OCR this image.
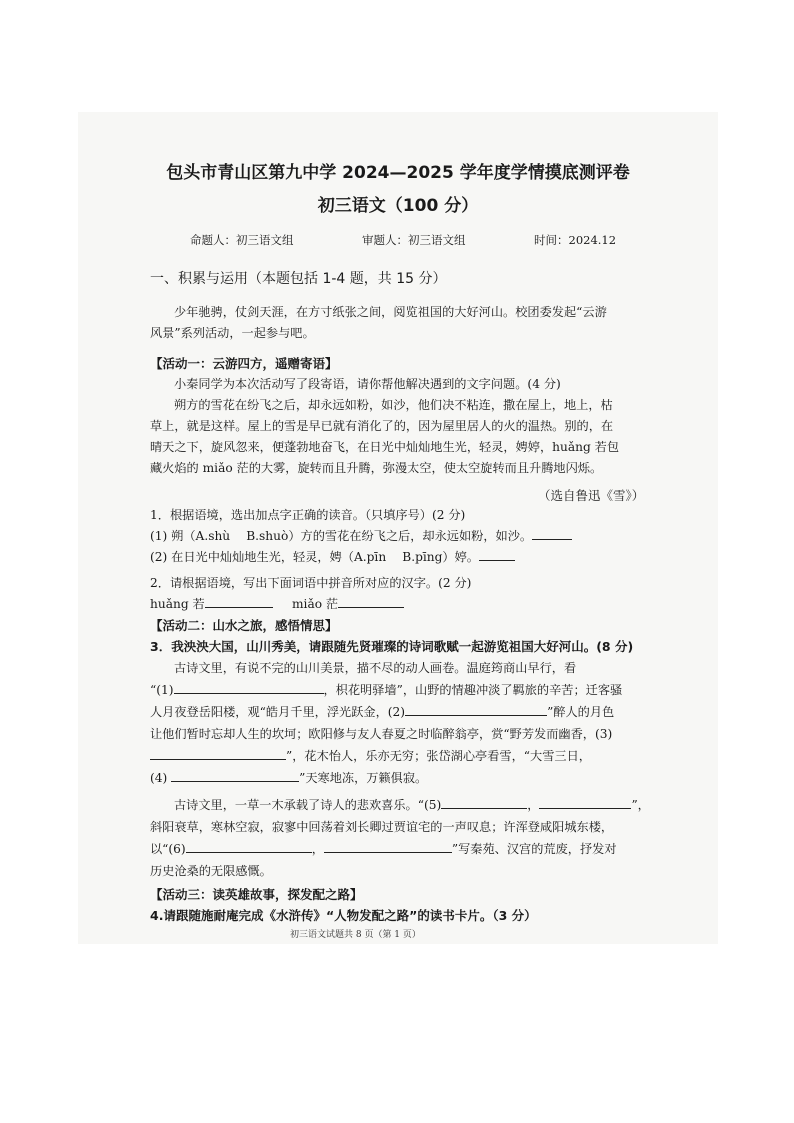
包头市青山区第九中学 2024—2025 学年度学情摸底测评卷
初三语文（100 分）
命题人：初三语文组	审题人：初三语文组	时间：2024.12
一、积累与运用（本题包括 1-4 题，共 15 分）
少年驰骋，仗剑天涯，在方寸纸张之间，阅览祖国的大好河山。校团委发起“云游
风景”系列活动，一起参与吧。
【活动一：云游四方，遥赠寄语】
小秦同学为本次活动写了段寄语，请你帮他解决遇到的文字问题。(4 分)
朔方的雪花在纷飞之后，却永远如粉，如沙，他们决不粘连，撒在屋上，地上，枯
草上，就是这样。屋上的雪是早已就有消化了的，因为屋里居人的火的温热。别的，在
晴天之下，旋风忽来，便蓬勃地奋飞，在日光中灿灿地生光，轻灵，娉婷，huǎng 若包
藏火焰的 miǎo 茫的大雾，旋转而且升腾，弥漫太空，使太空旋转而且升腾地闪烁。
（选自鲁迅《雪》）
1．根据语境，选出加点字正确的读音。（只填序号）(2 分)
(1) 朔（A.shù　 B.shuò）方的雪花在纷飞之后，却永远如粉，如沙。
(2) 在日光中灿灿地生光，轻灵，娉（A.pīn　 B.pīng）婷。
2．请根据语境，写出下面词语中拼音所对应的汉字。(2 分)
huǎng 若	miǎo 茫
【活动二：山水之旅，感悟情思】
3．我泱泱大国，山川秀美，请跟随先贤璀璨的诗词歌赋一起游览祖国大好河山。(8 分)
古诗文里，有说不完的山川美景，描不尽的动人画卷。温庭筠商山早行，看
“(1)	，枳花明驿墙”，山野的情趣冲淡了羁旅的辛苦；迁客骚
人月夜登岳阳楼，观“皓月千里，浮光跃金，(2)	”醉人的月色
让他们暂时忘却人生的坎坷；欧阳修与友人春夏之时临醉翁亭，赏“野芳发而幽香，(3)
”，花木怡人，乐亦无穷；张岱湖心亭看雪，“大雪三日，
(4)	”天寒地冻，万籁俱寂。
古诗文里，一草一木承载了诗人的悲欢喜乐。“(5)	，	”，
斜阳衰草，寒林空寂，寂寥中回荡着刘长卿过贾谊宅的一声叹息；许浑登咸阳城东楼，
以“(6)	，	”写秦苑、汉宫的荒废，抒发对
历史沧桑的无限感慨。
【活动三：读英雄故事，探发配之路】
4.请跟随施耐庵完成《水浒传》“人物发配之路”的读书卡片。（3 分）
初三语文试题共 8 页（第 1 页）
